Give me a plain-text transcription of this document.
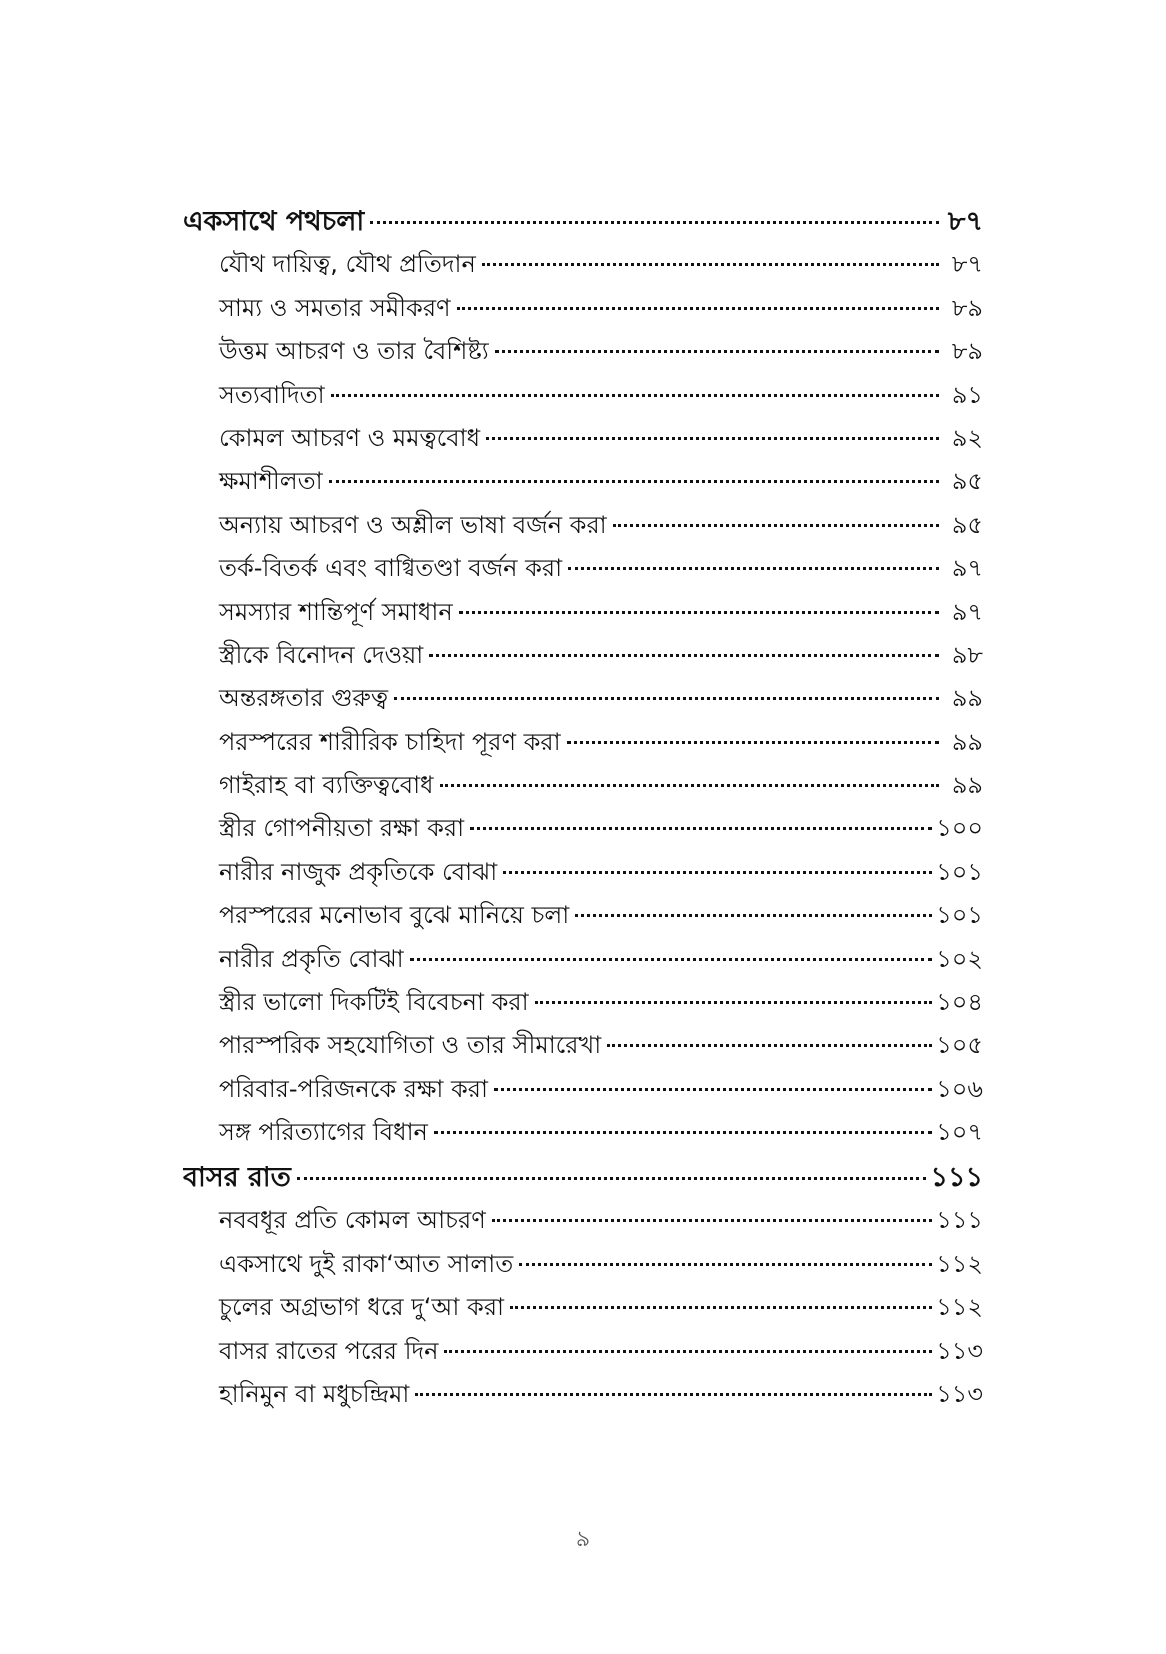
একসাথে পথচলা	৮৭
যৌথ দায়িত্ব, যৌথ প্রতিদান	৮৭
সাম্য ও সমতার সমীকরণ	৮৯
উত্তম আচরণ ও তার বৈশিষ্ট্য	৮৯
সত্যবাদিতা	৯১
কোমল আচরণ ও মমত্ববোধ	৯২
ক্ষমাশীলতা	৯৫
অন্যায় আচরণ ও অশ্লীল ভাষা বর্জন করা	৯৫
তর্ক-বিতর্ক এবং বাগ্বিতণ্ডা বর্জন করা	৯৭
সমস্যার শান্তিপূর্ণ সমাধান	৯৭
স্ত্রীকে বিনোদন দেওয়া	৯৮
অন্তরঙ্গতার গুরুত্ব	৯৯
পরস্পরের শারীরিক চাহিদা পূরণ করা	৯৯
গাইরাহ বা ব্যক্তিত্ববোধ	৯৯
স্ত্রীর গোপনীয়তা রক্ষা করা	১০০
নারীর নাজুক প্রকৃতিকে বোঝা	১০১
পরস্পরের মনোভাব বুঝে মানিয়ে চলা	১০১
নারীর প্রকৃতি বোঝা	১০২
স্ত্রীর ভালো দিকটিই বিবেচনা করা	১০৪
পারস্পরিক সহযোগিতা ও তার সীমারেখা	১০৫
পরিবার-পরিজনকে রক্ষা করা	১০৬
সঙ্গ পরিত্যাগের বিধান	১০৭
বাসর রাত	১১১
নববধূর প্রতি কোমল আচরণ	১১১
একসাথে দুই রাকা‘আত সালাত	১১২
চুলের অগ্রভাগ ধরে দু‘আ করা	১১২
বাসর রাতের পরের দিন	১১৩
হানিমুন বা মধুচন্দ্রিমা	১১৩
৯
